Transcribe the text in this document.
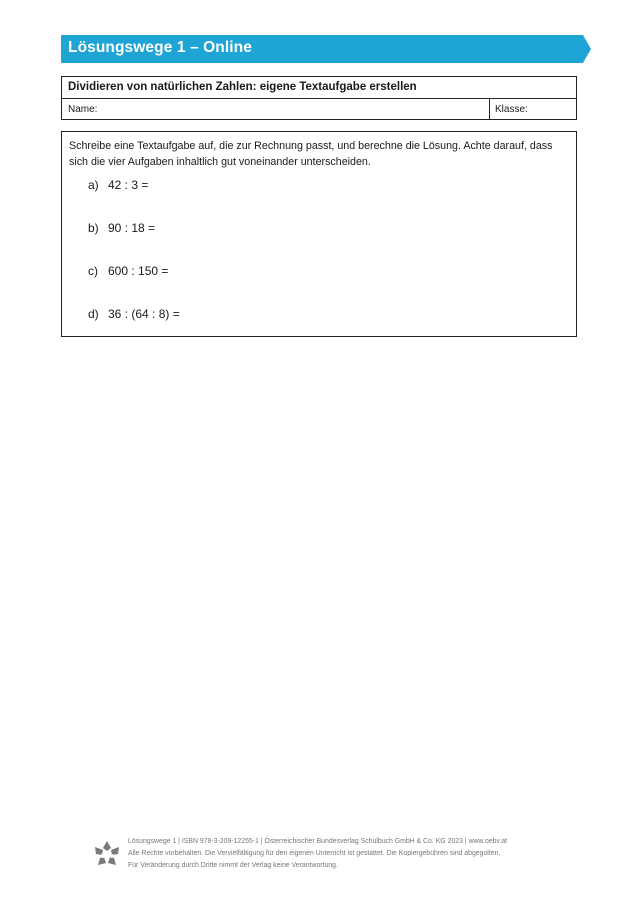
Lösungswege 1 – Online
Dividieren von natürlichen Zahlen: eigene Textaufgabe erstellen
Name:	Klasse:
Schreibe eine Textaufgabe auf, die zur Rechnung passt, und berechne die Lösung. Achte darauf, dass
sich die vier Aufgaben inhaltlich gut voneinander unterscheiden.
a) 42 : 3 =
b) 90 : 18 =
c) 600 : 150 =
d) 36 : (64 : 8) =
öbv
Lösungswege 1 | ISBN 978-3-209-12255-1 | Österreichischer Bundesverlag Schulbuch GmbH & Co. KG 2023 | www.oebv.at
Alle Rechte vorbehalten. Die Vervielfältigung für den eigenen Unterricht ist gestattet. Die Kopiergebühren sind abgegolten.
Für Veränderung durch Dritte nimmt der Verlag keine Verantwortung.
